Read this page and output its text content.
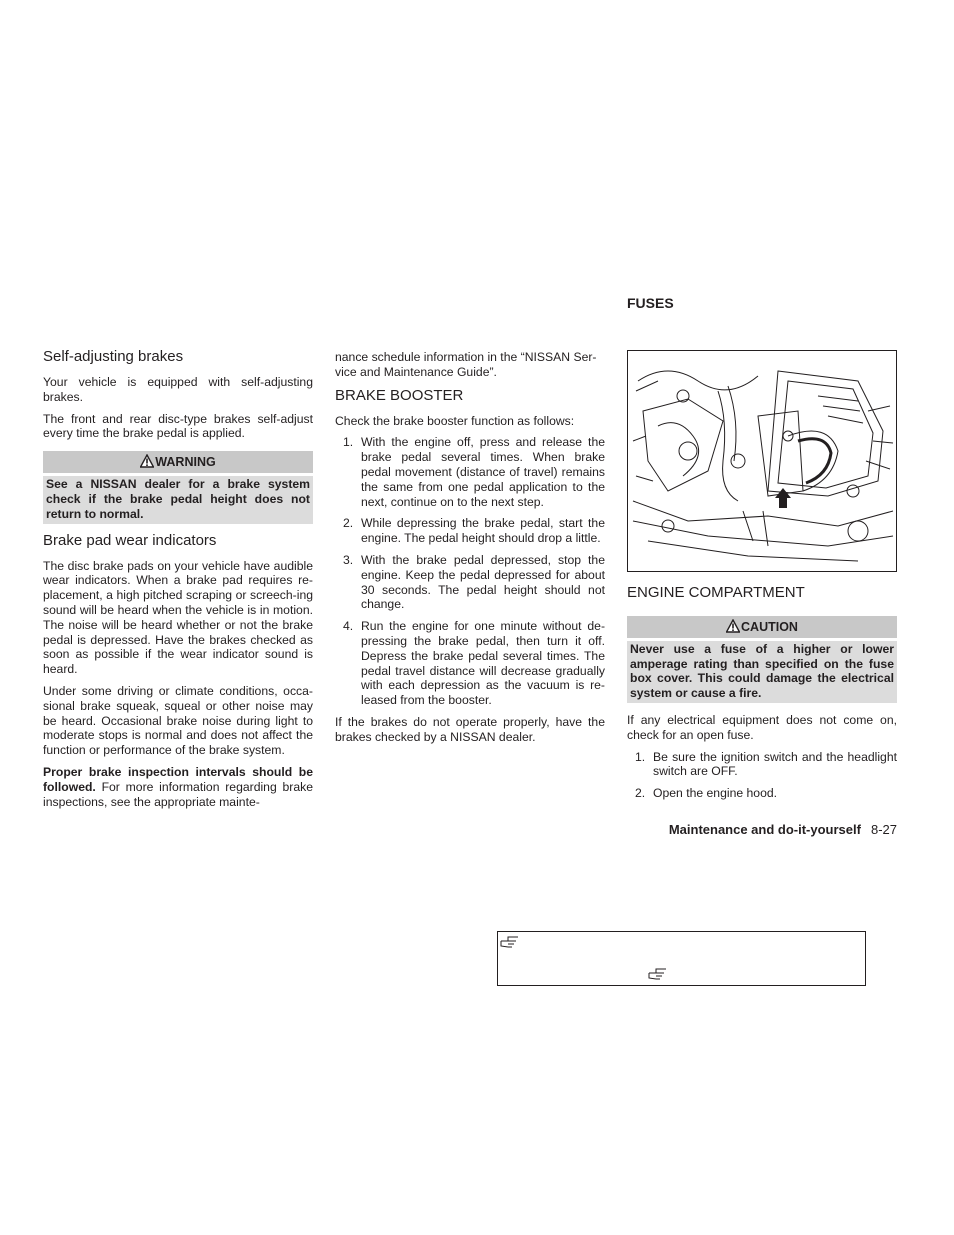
Self-adjusting brakes

Your vehicle is equipped with self-adjusting brakes.

The front and rear disc-type brakes self-adjust every time the brake pedal is applied.

WARNING
See a NISSAN dealer for a brake system check if the brake pedal height does not return to normal.
Brake pad wear indicators

The disc brake pads on your vehicle have audible wear indicators. When a brake pad requires re-placement, a high pitched scraping or screech-ing sound will be heard when the vehicle is in motion. The noise will be heard whether or not the brake pedal is depressed. Have the brakes checked as soon as possible if the wear indicator sound is heard.

Under some driving or climate conditions, occa-sional brake squeak, squeal or other noise may be heard. Occasional brake noise during light to moderate stops is normal and does not affect the function or performance of the brake system.

Proper brake inspection intervals should be followed. For more information regarding brake inspections, see the appropriate mainte-

nance schedule information in the “NISSAN Ser-vice and Maintenance Guide”.

BRAKE BOOSTER

Check the brake booster function as follows:

1. With the engine off, press and release the brake pedal several times. When brake pedal movement (distance of travel) remains the same from one pedal application to the next, continue on to the next step.
2. While depressing the brake pedal, start the engine. The pedal height should drop a little.
3. With the brake pedal depressed, stop the engine. Keep the pedal depressed for about 30 seconds. The pedal height should not change.
4. Run the engine for one minute without de-pressing the brake pedal, then turn it off. Depress the brake pedal several times. The pedal travel distance will decrease gradually with each depression as the vacuum is re-leased from the booster.

If the brakes do not operate properly, have the brakes checked by a NISSAN dealer.

FUSES
ENGINE COMPARTMENT
CAUTION
Never use a fuse of a higher or lower amperage rating than specified on the fuse box cover. This could damage the electrical system or cause a fire.

If any electrical equipment does not come on, check for an open fuse.

1. Be sure the ignition switch and the headlight switch are OFF.
2. Open the engine hood.
Maintenance and do-it-yourself 8-27
